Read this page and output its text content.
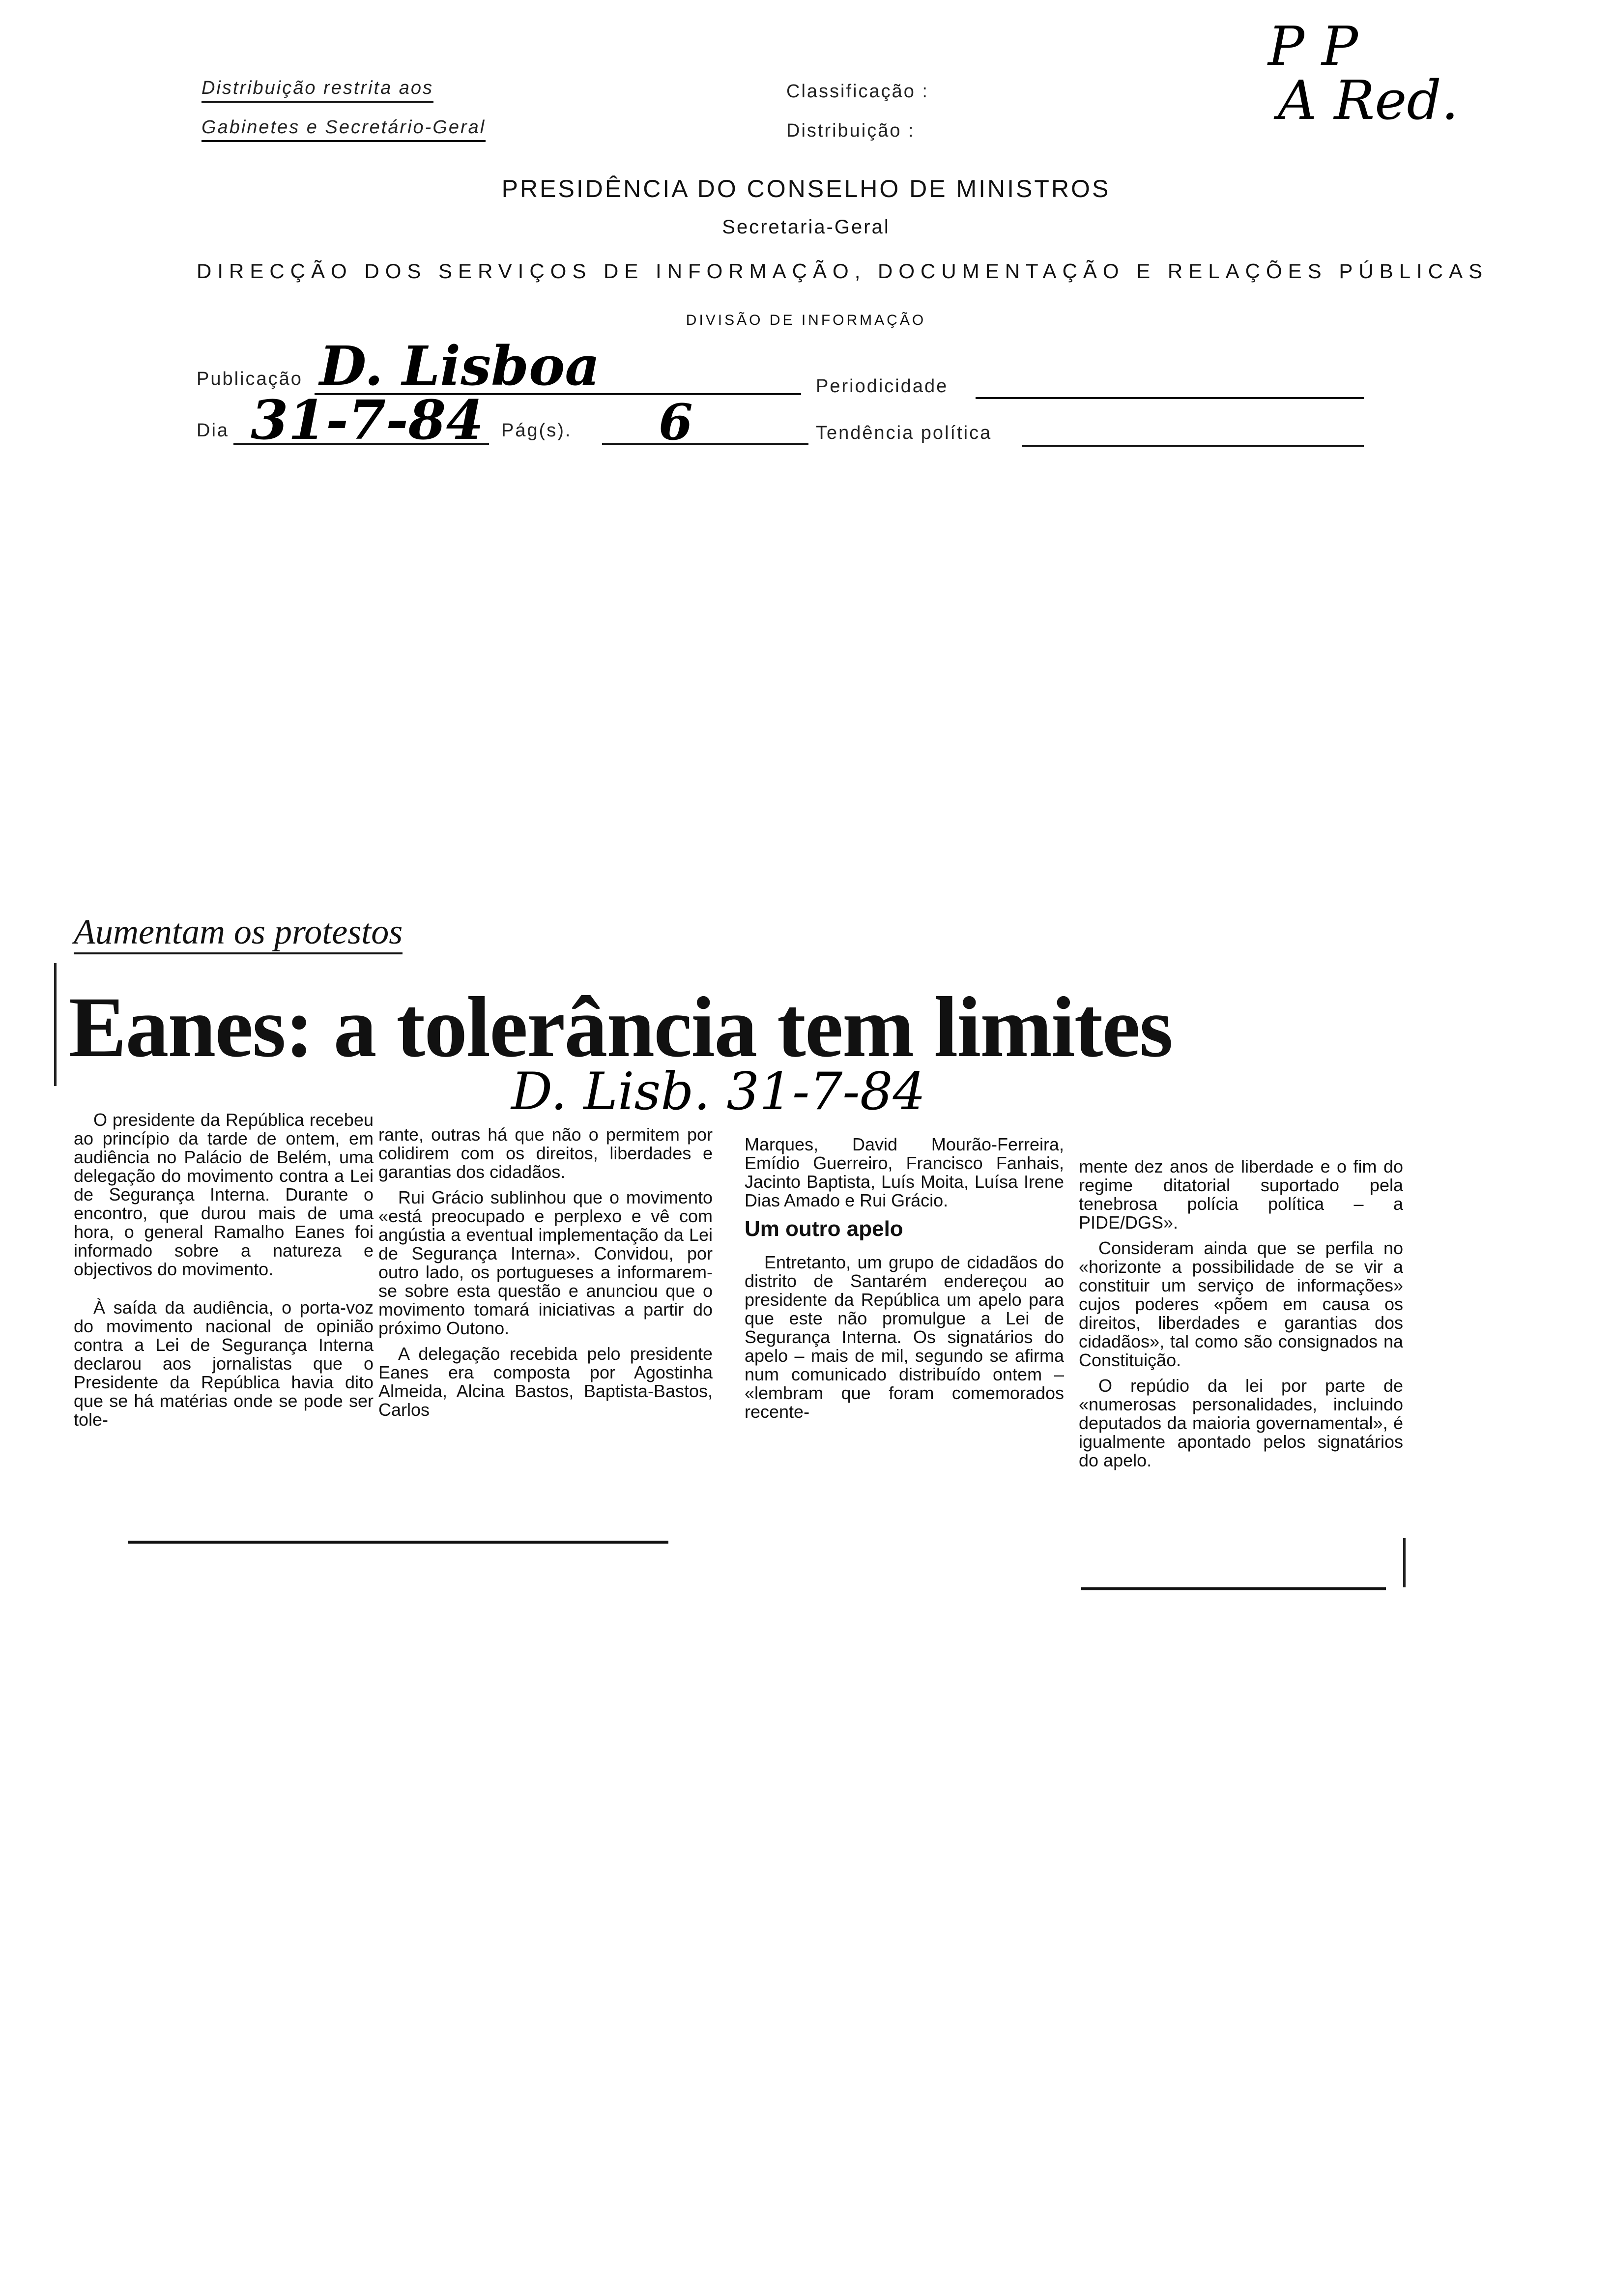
Distribuição restrita aos
Gabinetes e Secretário-Geral
Classificação :
Distribuição :
P P
A Red.
PRESIDÊNCIA DO CONSELHO DE MINISTROS
Secretaria-Geral
DIRECÇÃO DOS SERVIÇOS DE INFORMAÇÃO, DOCUMENTAÇÃO E RELAÇÕES PÚBLICAS
DIVISÃO DE INFORMAÇÃO
Publicação D. Lisboa	Periodicidade
Dia 31-7-84 Pág(s). 6	Tendência política
Aumentam os protestos
Eanes: a tolerância tem limites
D. Lisb. 31-7-84

O presidente da República recebeu ao princípio da tarde de ontem, em audiência no Palácio de Belém, uma delegação do movimento contra a Lei de Segurança Interna. Durante o encontro, que durou mais de uma hora, o general Ramalho Eanes foi informado sobre a natureza e objectivos do movimento.

À saída da audiência, o porta-voz do movimento nacional de opinião contra a Lei de Segurança Interna declarou aos jornalistas que o Presidente da República havia dito que se há matérias onde se pode ser tole-

rante, outras há que não o permitem por colidirem com os direitos, liberdades e garantias dos cidadãos.

Rui Grácio sublinhou que o movimento «está preocupado e perplexo e vê com angústia a eventual implementação da Lei de Segurança Interna». Convidou, por outro lado, os portugueses a informarem-se sobre esta questão e anunciou que o movimento tomará iniciativas a partir do próximo Outono.

A delegação recebida pelo presidente Eanes era composta por Agostinha Almeida, Alcina Bastos, Baptista-Bastos, Carlos

Marques, David Mourão-Ferreira, Emídio Guerreiro, Francisco Fanhais, Jacinto Baptista, Luís Moita, Luísa Irene Dias Amado e Rui Grácio.

Um outro apelo

Entretanto, um grupo de cidadãos do distrito de Santarém endereçou ao presidente da República um apelo para que este não promulgue a Lei de Segurança Interna. Os signatários do apelo – mais de mil, segundo se afirma num comunicado distribuído ontem – «lembram que foram comemorados recente-

mente dez anos de liberdade e o fim do regime ditatorial suportado pela tenebrosa polícia política – a PIDE/DGS».

Consideram ainda que se perfila no «horizonte a possibilidade de se vir a constituir um serviço de informações» cujos poderes «põem em causa os direitos, liberdades e garantias dos cidadãos», tal como são consignados na Constituição.

O repúdio da lei por parte de «numerosas personalidades, incluindo deputados da maioria governamental», é igualmente apontado pelos signatários do apelo.
